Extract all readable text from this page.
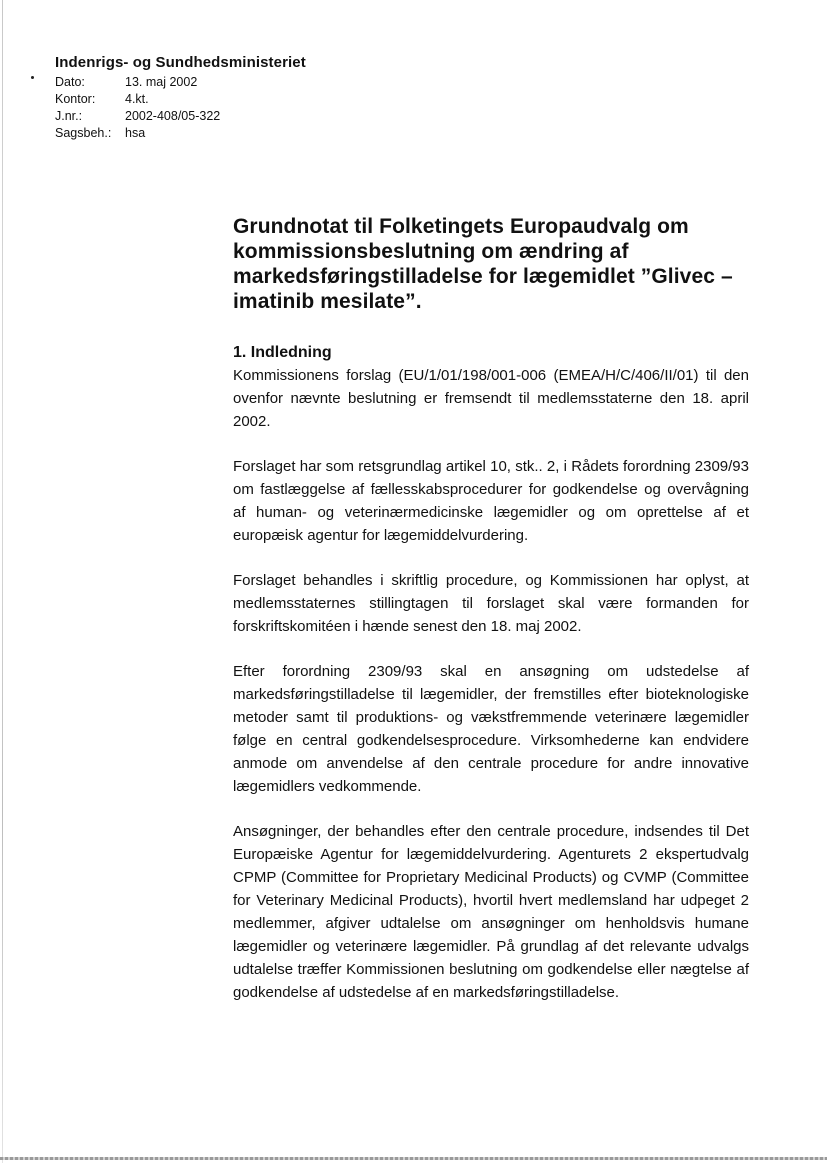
Indenrigs- og Sundhedsministeriet
Dato:	13. maj 2002
Kontor:	4.kt.
J.nr.:	2002-408/05-322
Sagsbeh.:	hsa
Grundnotat til Folketingets Europaudvalg om kommissionsbeslutning om ændring af markedsføringstilladelse for lægemidlet ”Glivec – imatinib mesilate”.
1. Indledning

Kommissionens forslag (EU/1/01/198/001-006 (EMEA/H/C/406/II/01) til den ovenfor nævnte beslutning er fremsendt til medlemsstaterne den 18. april 2002.

Forslaget har som retsgrundlag artikel 10, stk.. 2, i Rådets forordning 2309/93 om fastlæggelse af fællesskabsprocedurer for godkendelse og overvågning af human- og veterinærmedicinske lægemidler og om oprettelse af et europæisk agentur for lægemiddelvurdering.

Forslaget behandles i skriftlig procedure, og Kommissionen har oplyst, at medlemsstaternes stillingtagen til forslaget skal være formanden for forskriftskomitéen i hænde senest den 18. maj 2002.

Efter forordning 2309/93 skal en ansøgning om udstedelse af markedsføringstilladelse til lægemidler, der fremstilles efter bioteknologiske metoder samt til produktions- og vækstfremmende veterinære lægemidler følge en central godkendelsesprocedure. Virksomhederne kan endvidere anmode om anvendelse af den centrale procedure for andre innovative lægemidlers vedkommende.

Ansøgninger, der behandles efter den centrale procedure, indsendes til Det Europæiske Agentur for lægemiddelvurdering. Agenturets 2 ekspertudvalg CPMP (Committee for Proprietary Medicinal Products) og CVMP (Committee for Veterinary Medicinal Products), hvortil hvert medlemsland har udpeget 2 medlemmer, afgiver udtalelse om ansøgninger om henholdsvis humane lægemidler og veterinære lægemidler. På grundlag af det relevante udvalgs udtalelse træffer Kommissionen beslutning om godkendelse eller nægtelse af godkendelse af udstedelse af en markedsføringstilladelse.
